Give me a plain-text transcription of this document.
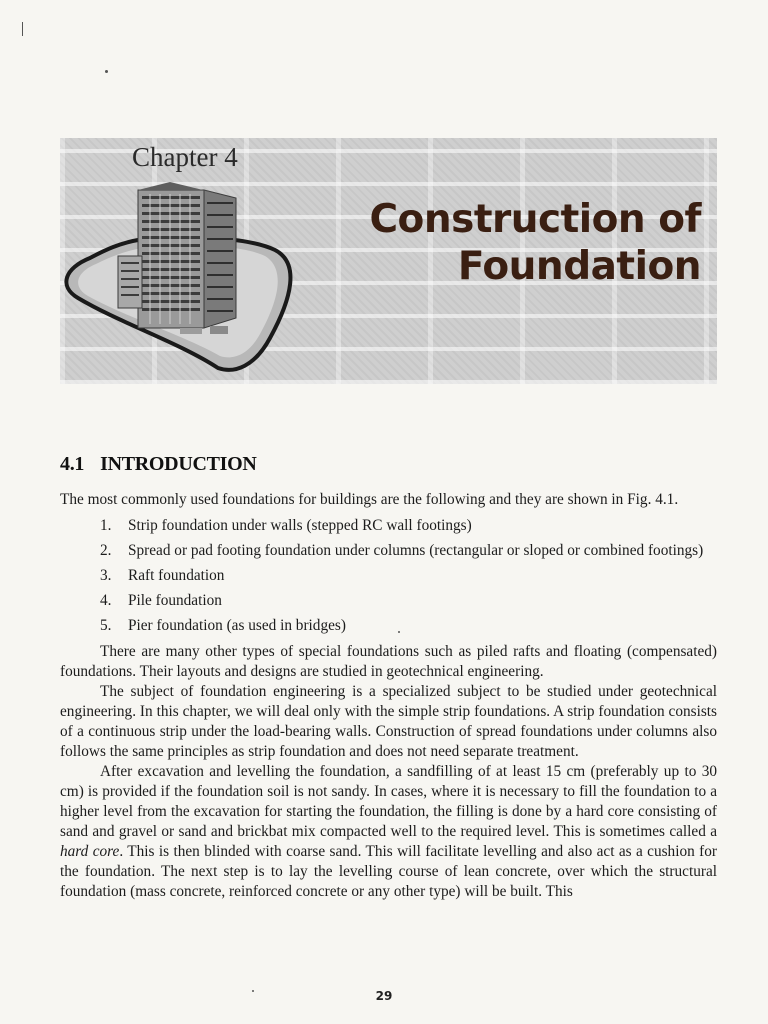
Chapter 4
Construction of
Foundation
4.1 INTRODUCTION

The most commonly used foundations for buildings are the following and they are shown in Fig. 4.1.

1.	Strip foundation under walls (stepped RC wall footings)
2.	Spread or pad footing foundation under columns (rectangular or sloped or combined footings)
3.	Raft foundation
4.	Pile foundation
5.	Pier foundation (as used in bridges)

There are many other types of special foundations such as piled rafts and floating (compensated) foundations. Their layouts and designs are studied in geotechnical engineering.

The subject of foundation engineering is a specialized subject to be studied under geotechnical engineering. In this chapter, we will deal only with the simple strip foundations. A strip foundation consists of a continuous strip under the load-bearing walls. Construction of spread foundations under columns also follows the same principles as strip foundation and does not need separate treatment.

After excavation and levelling the foundation, a sandfilling of at least 15 cm (preferably up to 30 cm) is provided if the foundation soil is not sandy. In cases, where it is necessary to fill the foundation to a higher level from the excavation for starting the foundation, the filling is done by a hard core consisting of sand and gravel or sand and brickbat mix compacted well to the required level. This is sometimes called a hard core. This is then blinded with coarse sand. This will facilitate levelling and also act as a cushion for the foundation. The next step is to lay the levelling course of lean concrete, over which the structural foundation (mass concrete, reinforced concrete or any other type) will be built. This

29
